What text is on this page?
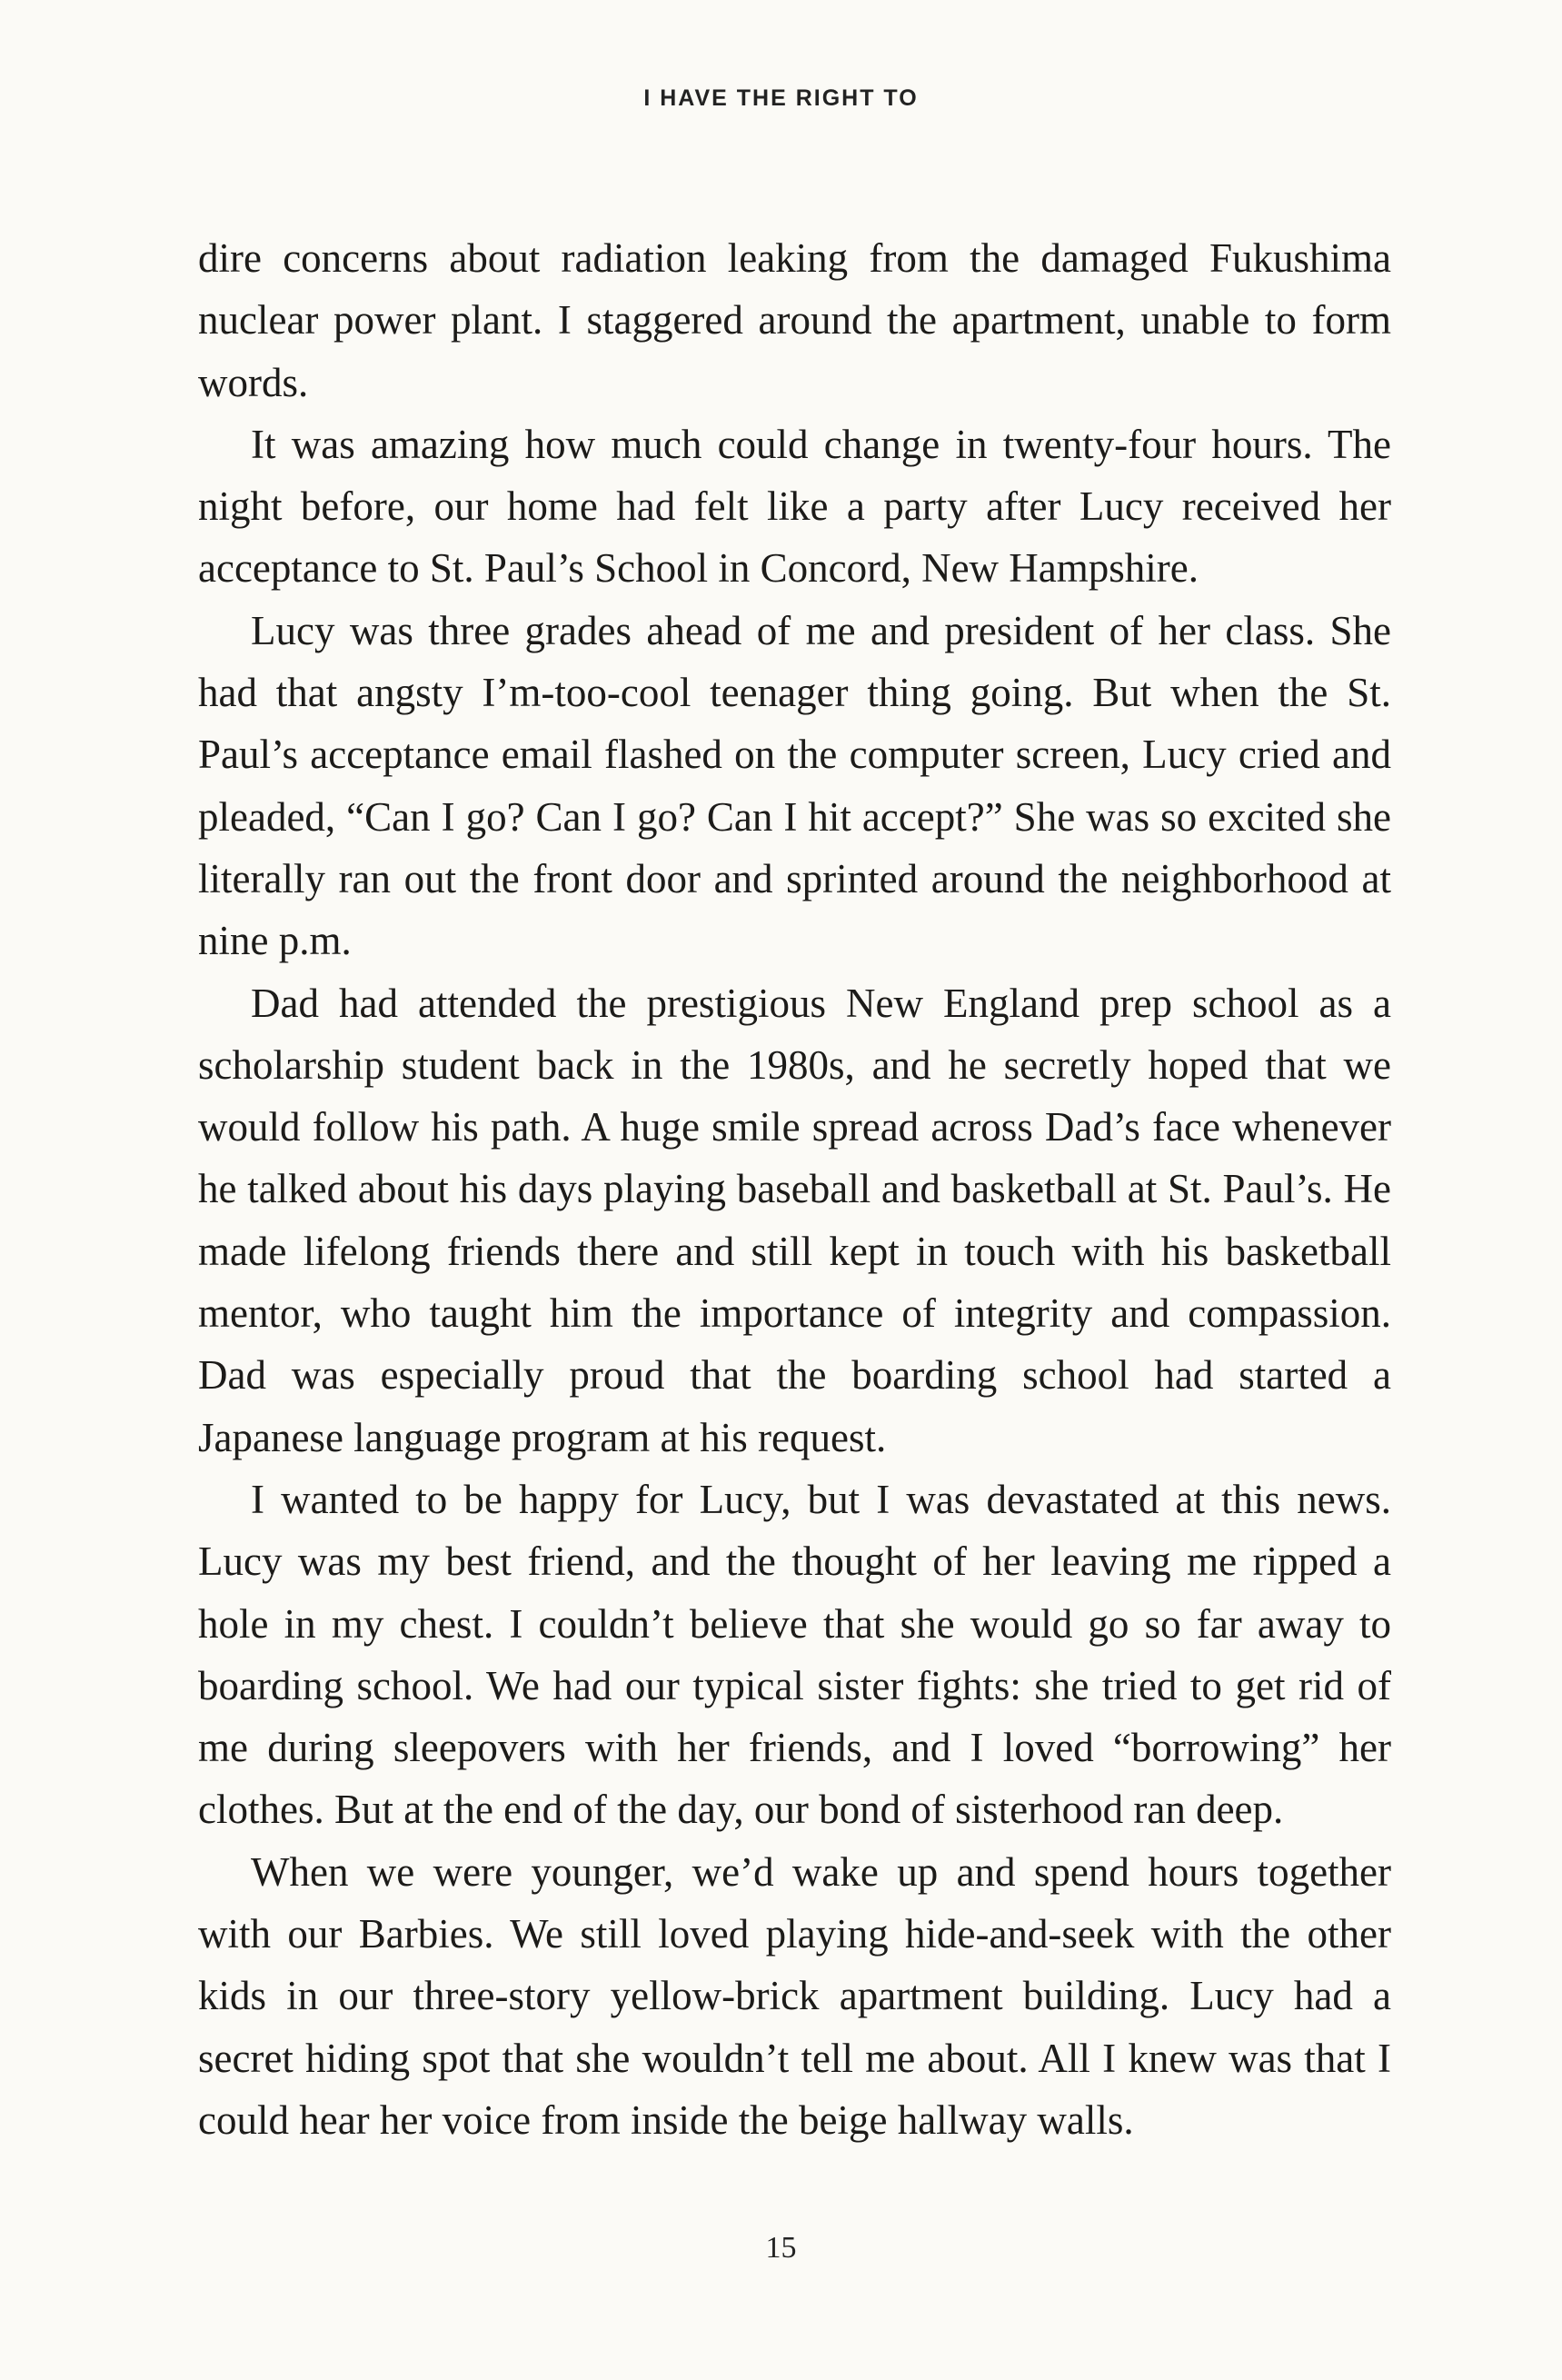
I HAVE THE RIGHT TO

dire concerns about radiation leaking from the damaged Fukushima nuclear power plant. I staggered around the apartment, unable to form words.

It was amazing how much could change in twenty-four hours. The night before, our home had felt like a party after Lucy received her acceptance to St. Paul’s School in Concord, New Hampshire.

Lucy was three grades ahead of me and president of her class. She had that angsty I’m-too-cool teenager thing going. But when the St. Paul’s acceptance email flashed on the computer screen, Lucy cried and pleaded, “Can I go? Can I go? Can I hit accept?” She was so excited she literally ran out the front door and sprinted around the neighborhood at nine p.m.

Dad had attended the prestigious New England prep school as a scholarship student back in the 1980s, and he secretly hoped that we would follow his path. A huge smile spread across Dad’s face whenever he talked about his days playing baseball and basketball at St. Paul’s. He made lifelong friends there and still kept in touch with his basketball mentor, who taught him the importance of integrity and compassion. Dad was especially proud that the boarding school had started a Japanese language program at his request.

I wanted to be happy for Lucy, but I was devastated at this news. Lucy was my best friend, and the thought of her leaving me ripped a hole in my chest. I couldn’t believe that she would go so far away to boarding school. We had our typical sister fights: she tried to get rid of me during sleepovers with her friends, and I loved “borrowing” her clothes. But at the end of the day, our bond of sisterhood ran deep.

When we were younger, we’d wake up and spend hours together with our Barbies. We still loved playing hide-and-seek with the other kids in our three-story yellow-brick apartment building. Lucy had a secret hiding spot that she wouldn’t tell me about. All I knew was that I could hear her voice from inside the beige hallway walls.

15
